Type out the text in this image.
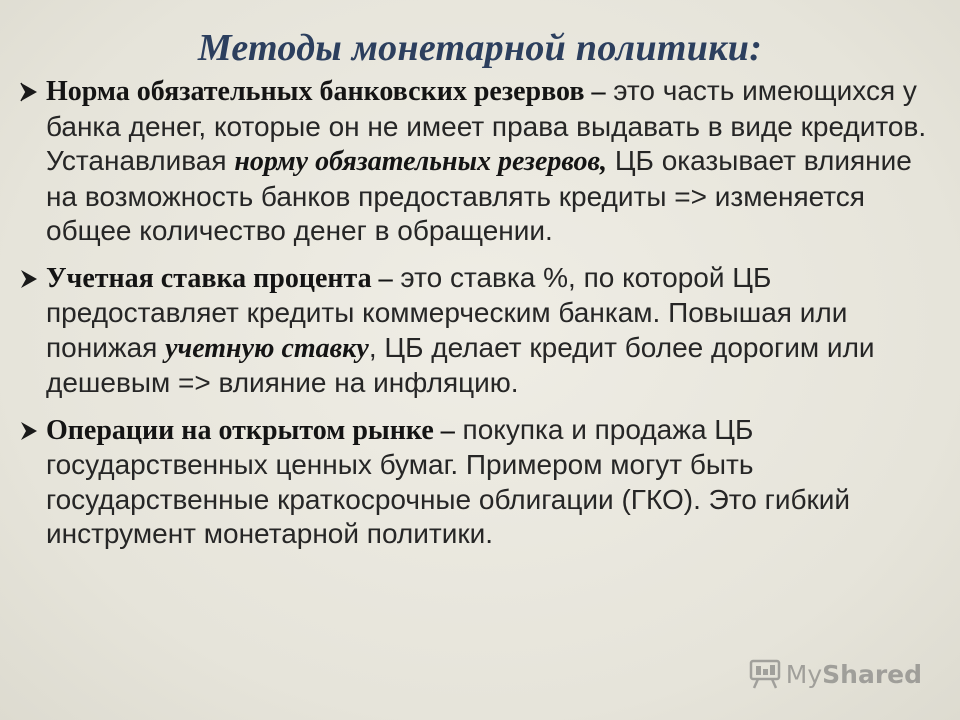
Методы монетарной политики:

Норма обязательных банковских резервов – это часть имеющихся у банка денег, которые он не имеет права выдавать в виде кредитов. Устанавливая норму обязательных резервов, ЦБ оказывает влияние на возможность банков предоставлять кредиты => изменяется общее количество денег в обращении.

Учетная ставка процента – это ставка %, по которой ЦБ предоставляет кредиты коммерческим банкам. Повышая или понижая учетную ставку, ЦБ делает кредит более дорогим или дешевым => влияние на инфляцию.

Операции на открытом рынке – покупка и продажа ЦБ государственных ценных бумаг. Примером могут быть государственные краткосрочные облигации (ГКО). Это гибкий инструмент монетарной политики.

MyShared
